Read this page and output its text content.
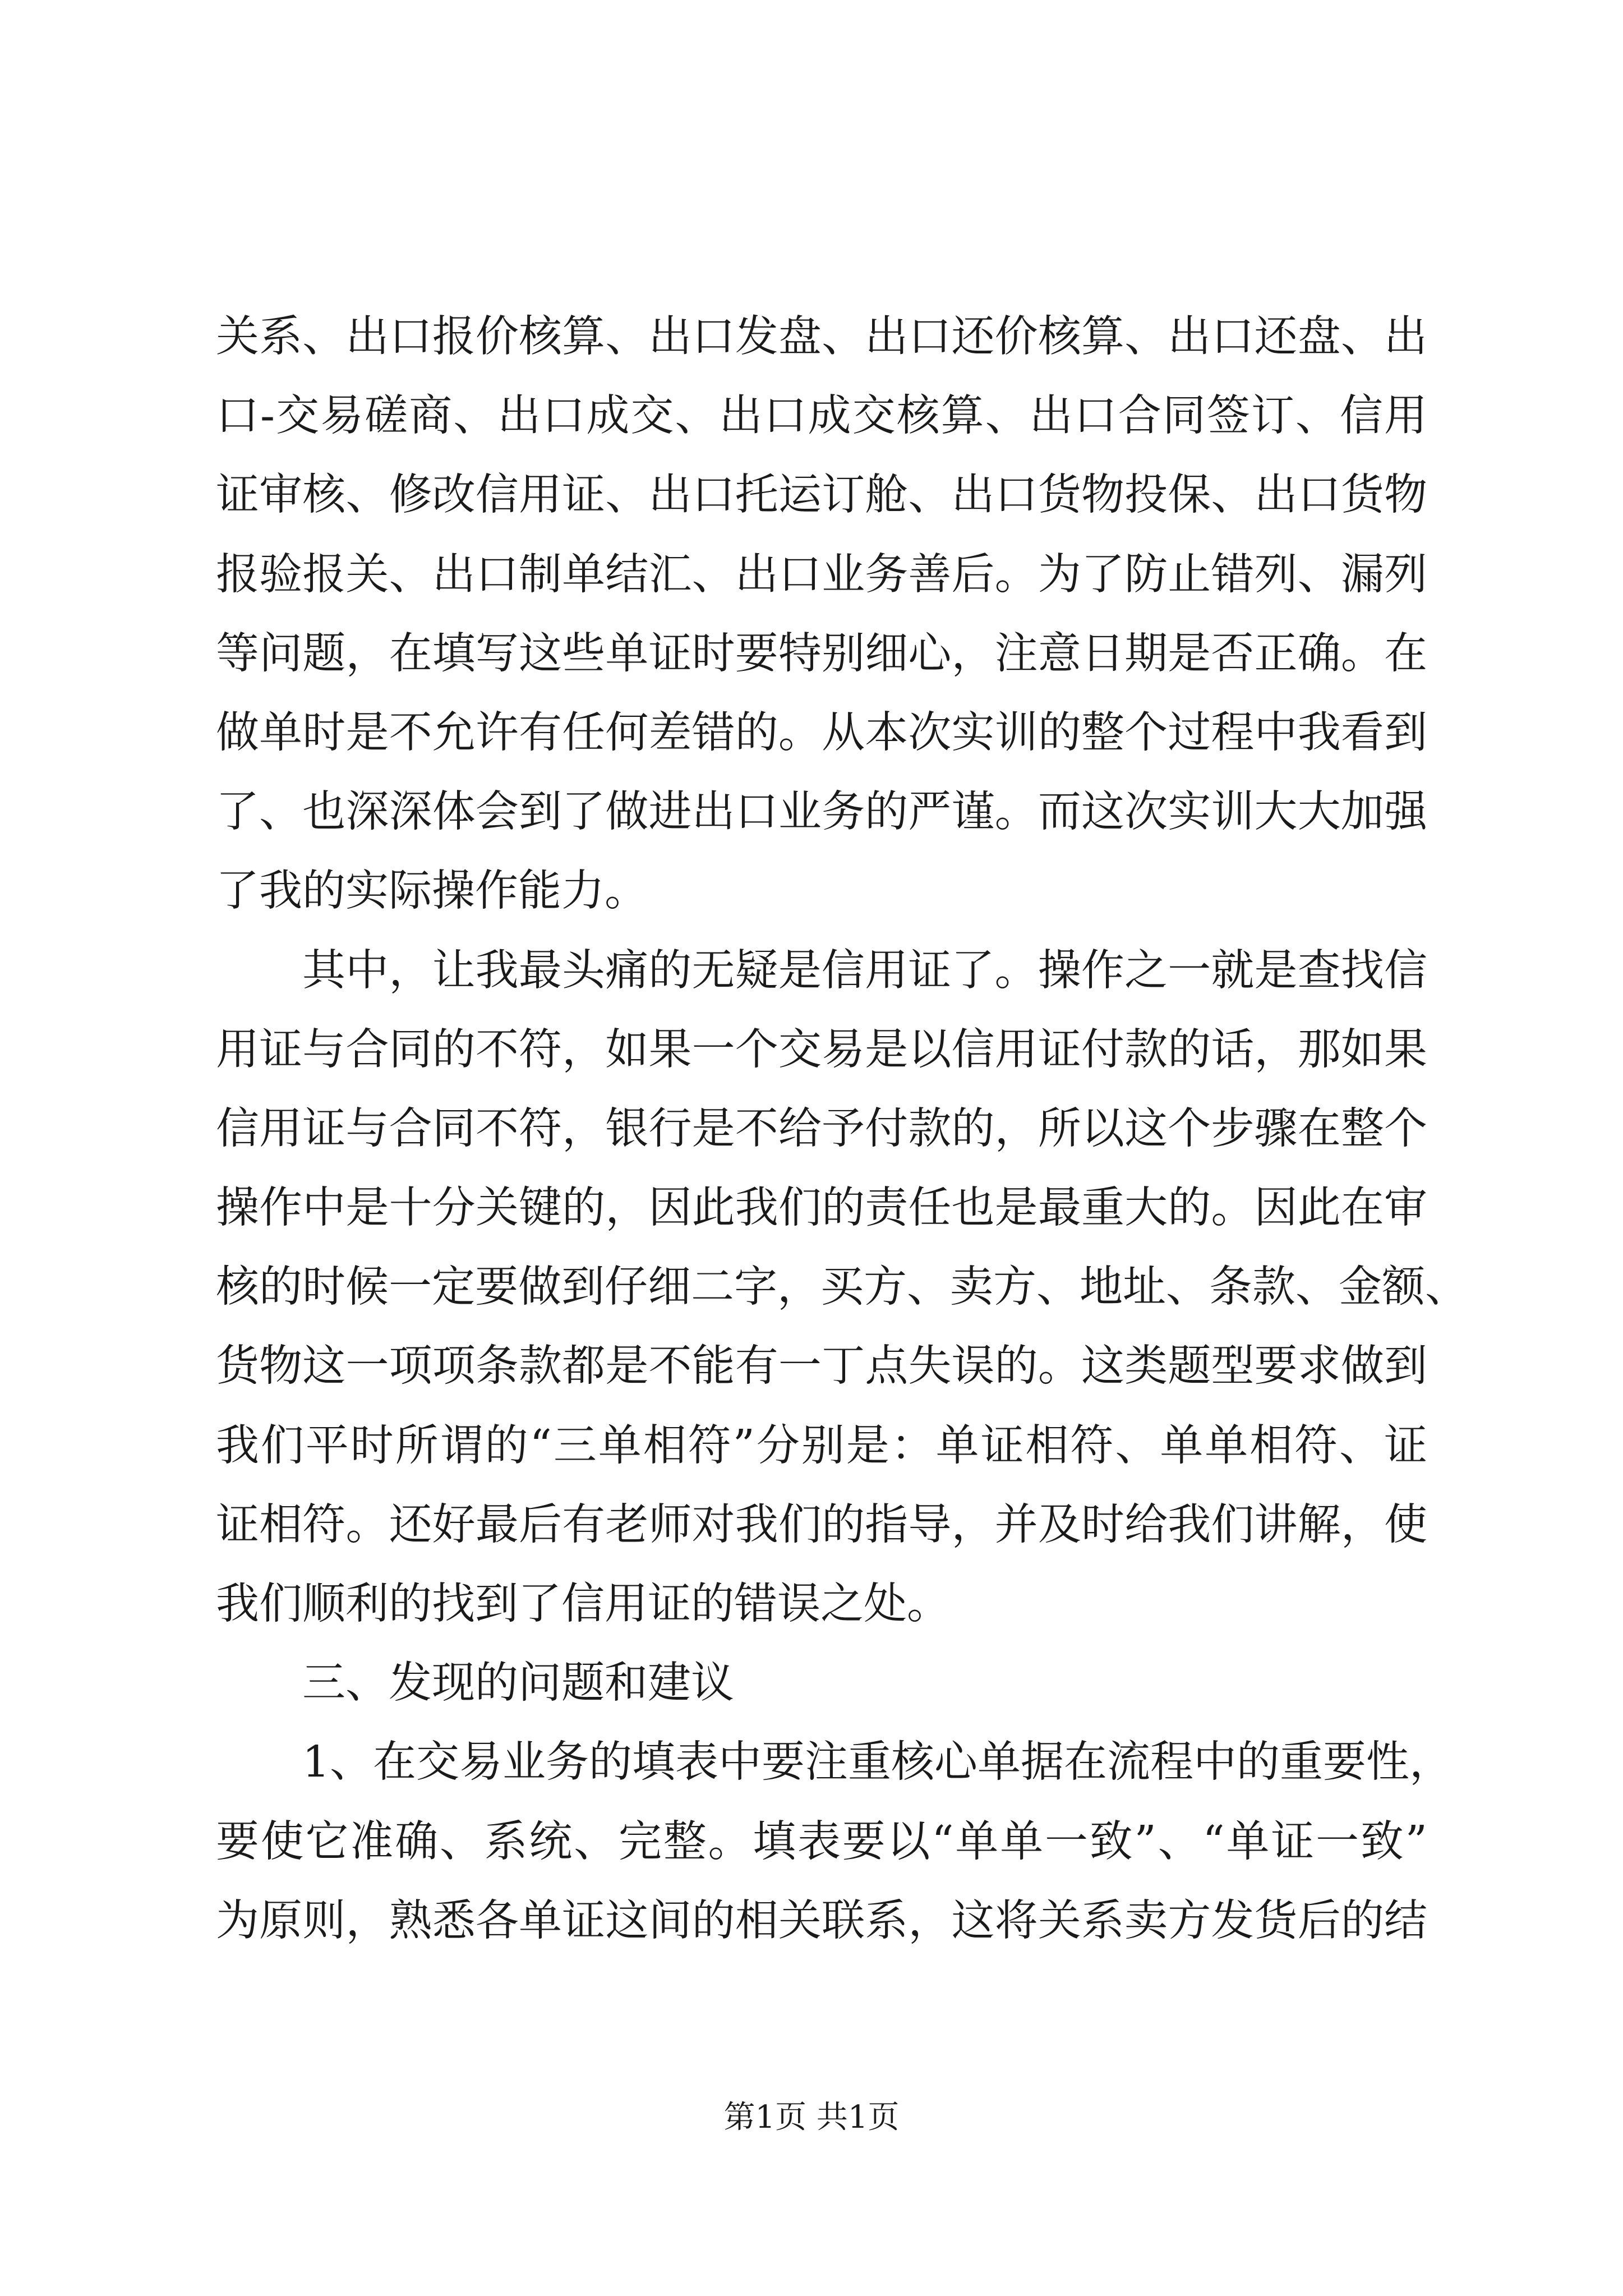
关系、出口报价核算、出口发盘、出口还价核算、出口还盘、出
口-交易磋商、出口成交、出口成交核算、出口合同签订、信用
证审核、修改信用证、出口托运订舱、出口货物投保、出口货物
报验报关、出口制单结汇、出口业务善后。为了防止错列、漏列
等问题，在填写这些单证时要特别细心，注意日期是否正确。在
做单时是不允许有任何差错的。从本次实训的整个过程中我看到
了、也深深体会到了做进出口业务的严谨。而这次实训大大加强
了我的实际操作能力。
其中，让我最头痛的无疑是信用证了。操作之一就是查找信
用证与合同的不符，如果一个交易是以信用证付款的话，那如果
信用证与合同不符，银行是不给予付款的，所以这个步骤在整个
操作中是十分关键的，因此我们的责任也是最重大的。因此在审
核的时候一定要做到仔细二字，买方、卖方、地址、条款、金额、
货物这一项项条款都是不能有一丁点失误的。这类题型要求做到
我们平时所谓的“三单相符”分别是：单证相符、单单相符、证
证相符。还好最后有老师对我们的指导，并及时给我们讲解，使
我们顺利的找到了信用证的错误之处。
三、发现的问题和建议
1、在交易业务的填表中要注重核心单据在流程中的重要性，
要使它准确、系统、完整。填表要以“单单一致”、“单证一致”
为原则，熟悉各单证这间的相关联系，这将关系卖方发货后的结
第1页 共1页
